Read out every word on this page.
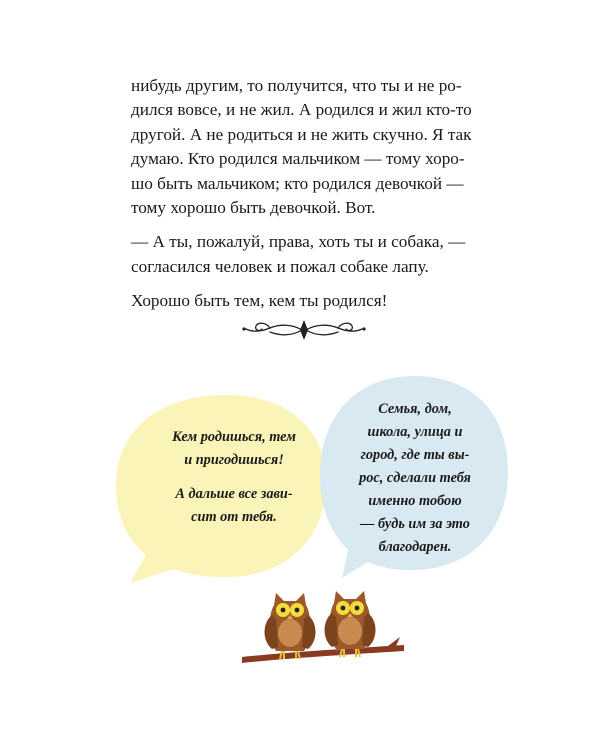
нибудь другим, то получится, что ты и не ро-
дился вовсе, и не жил. А родился и жил кто-то
другой. А не родиться и не жить скучно. Я так
думаю. Кто родился мальчиком — тому хоро-
шо быть мальчиком; кто родился девочкой —
тому хорошо быть девочкой. Вот.
— А ты, пожалуй, права, хоть ты и собака, —
согласился человек и пожал собаке лапу.
Хорошо быть тем, кем ты родился!
Кем родишься, тем
и пригодишься!
А дальше все зави-
сит от тебя.
Семья, дом,
школа, улица и
город, где ты вы-
рос, сделали тебя
именно тобою
— будь им за это
благодарен.
